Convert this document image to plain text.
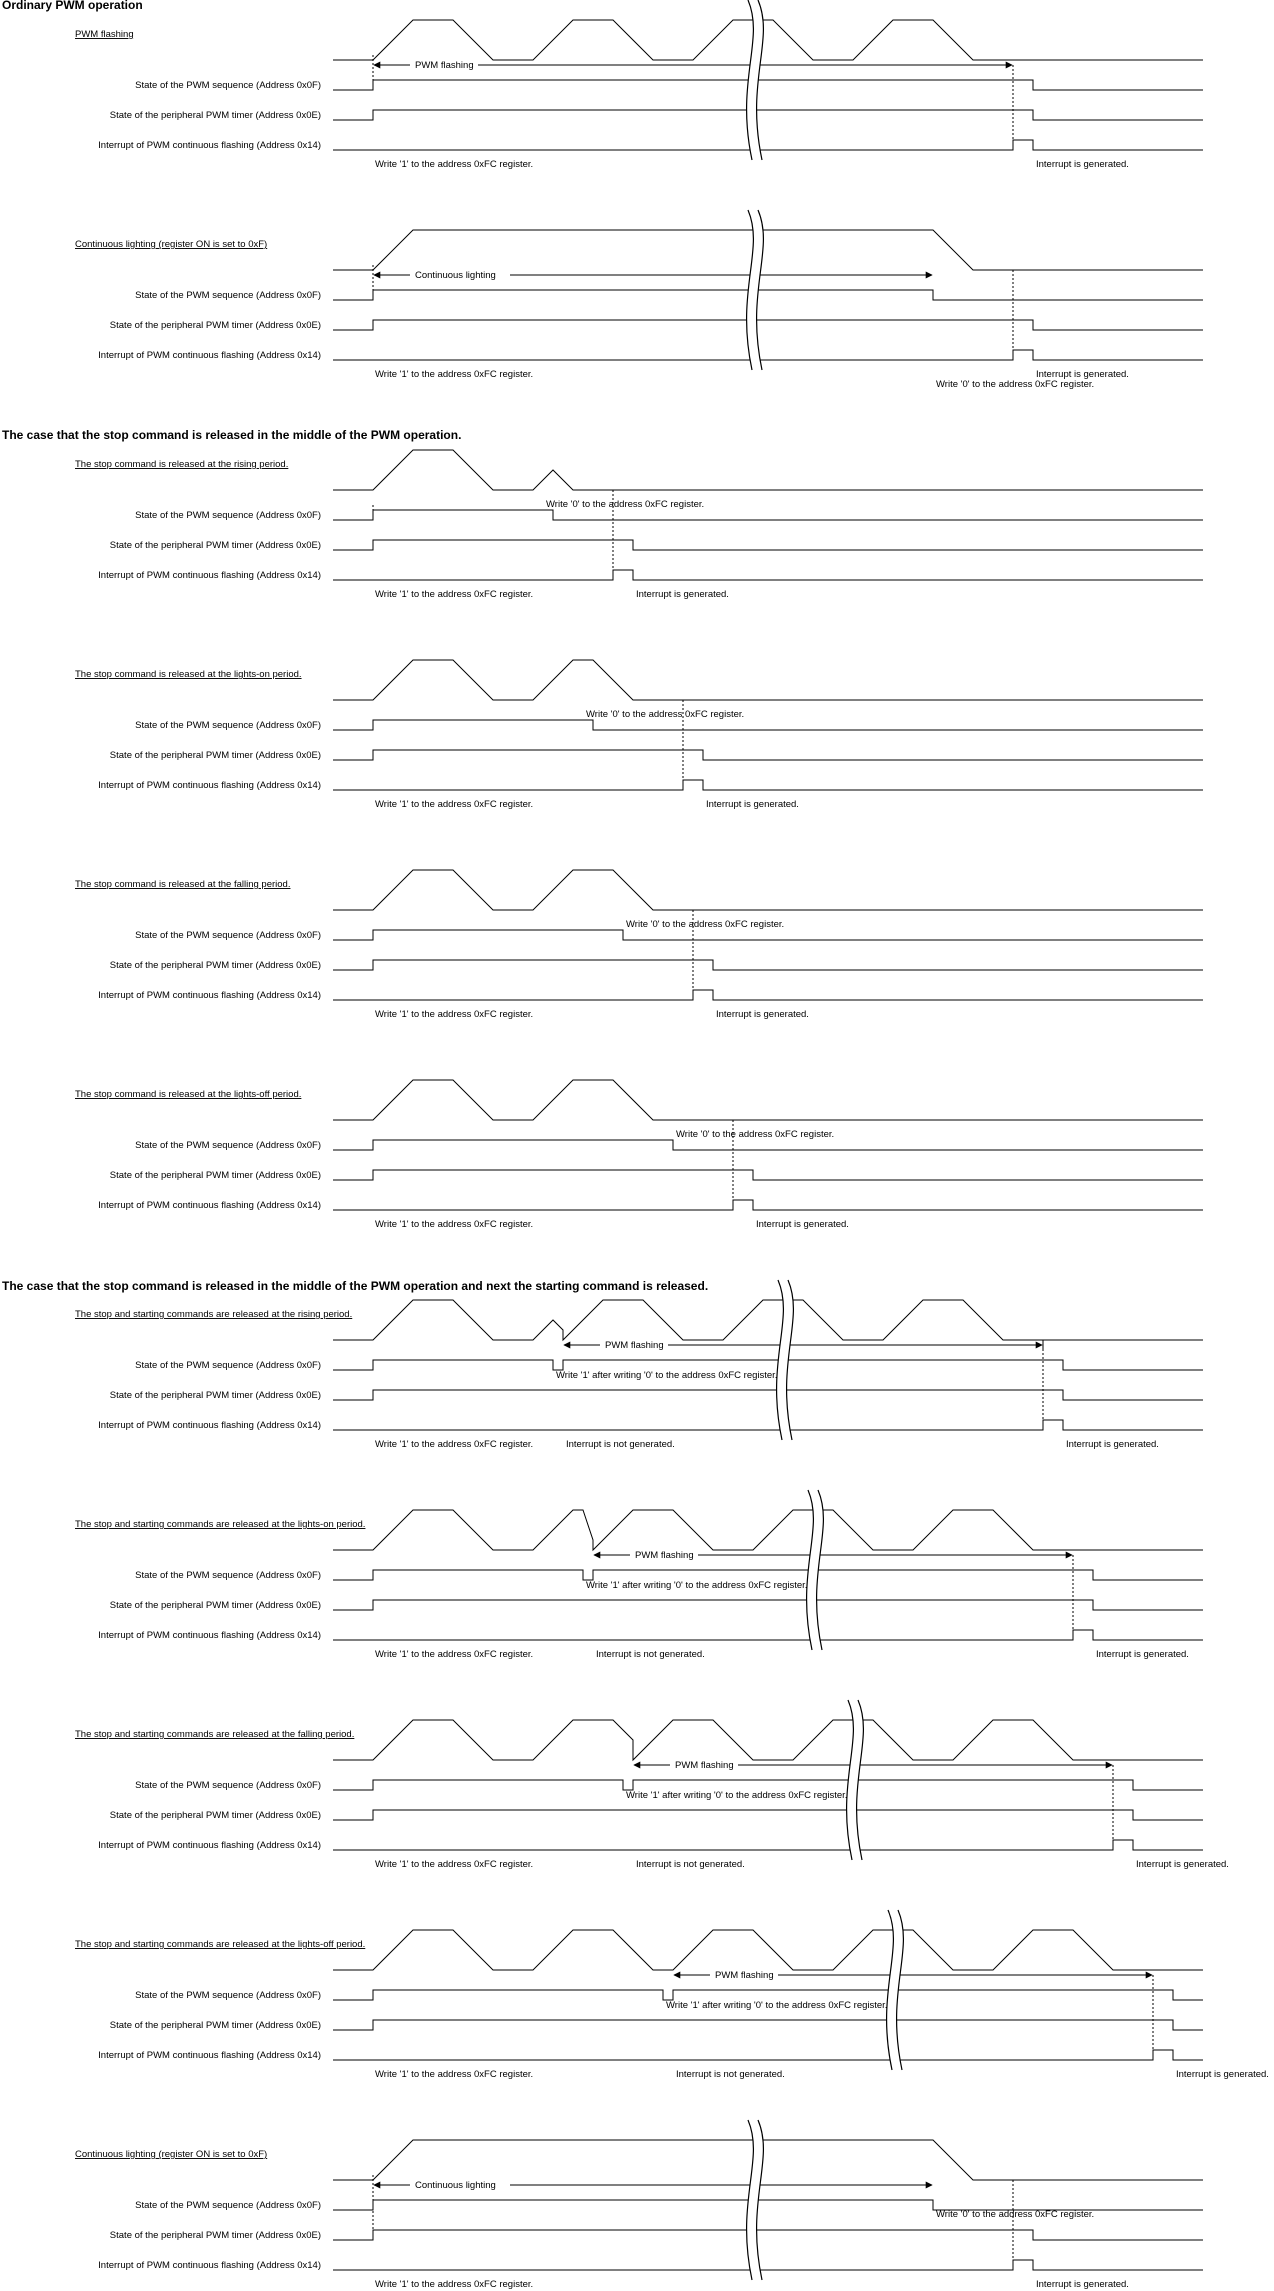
Ordinary PWM operation
The case that the stop command is released in the middle of the PWM operation.
The case that the stop command is released in the middle of the PWM operation and next the starting command is released.
PWM flashing
State of the PWM sequence (Address 0x0F)
State of the peripheral PWM timer (Address 0x0E)
Interrupt of PWM continuous flashing (Address 0x14)
PWM flashing
Write '1' to the address 0xFC register.	Interrupt is generated.
Continuous lighting (register ON is set to 0xF)
State of the PWM sequence (Address 0x0F)
State of the peripheral PWM timer (Address 0x0E)
Interrupt of PWM continuous flashing (Address 0x14)
Continuous lighting
Write '1' to the address 0xFC register.	Interrupt is generated.
Write '0' to the address 0xFC register.
The stop command is released at the rising period.
State of the PWM sequence (Address 0x0F)
State of the peripheral PWM timer (Address 0x0E)
Interrupt of PWM continuous flashing (Address 0x14)
Write '0' to the address 0xFC register.
Write '1' to the address 0xFC register.	Interrupt is generated.
The stop command is released at the lights-on period.
State of the PWM sequence (Address 0x0F)
State of the peripheral PWM timer (Address 0x0E)
Interrupt of PWM continuous flashing (Address 0x14)
Write '0' to the address 0xFC register.
Write '1' to the address 0xFC register.	Interrupt is generated.
The stop command is released at the falling period.
State of the PWM sequence (Address 0x0F)
State of the peripheral PWM timer (Address 0x0E)
Interrupt of PWM continuous flashing (Address 0x14)
Write '0' to the address 0xFC register.
Write '1' to the address 0xFC register.	Interrupt is generated.
The stop command is released at the lights-off period.
State of the PWM sequence (Address 0x0F)
State of the peripheral PWM timer (Address 0x0E)
Interrupt of PWM continuous flashing (Address 0x14)
Write '0' to the address 0xFC register.
Write '1' to the address 0xFC register.	Interrupt is generated.
The stop and starting commands are released at the rising period.
State of the PWM sequence (Address 0x0F)
State of the peripheral PWM timer (Address 0x0E)
Interrupt of PWM continuous flashing (Address 0x14)
PWM flashing
Write '1' after writing '0' to the address 0xFC register.
Write '1' to the address 0xFC register.	Interrupt is not generated.	Interrupt is generated.
The stop and starting commands are released at the lights-on period.
State of the PWM sequence (Address 0x0F)
State of the peripheral PWM timer (Address 0x0E)
Interrupt of PWM continuous flashing (Address 0x14)
PWM flashing
Write '1' after writing '0' to the address 0xFC register.
Write '1' to the address 0xFC register.	Interrupt is not generated.	Interrupt is generated.
The stop and starting commands are released at the falling period.
State of the PWM sequence (Address 0x0F)
State of the peripheral PWM timer (Address 0x0E)
Interrupt of PWM continuous flashing (Address 0x14)
PWM flashing
Write '1' after writing '0' to the address 0xFC register.
Write '1' to the address 0xFC register.	Interrupt is not generated.	Interrupt is generated.
The stop and starting commands are released at the lights-off period.
State of the PWM sequence (Address 0x0F)
State of the peripheral PWM timer (Address 0x0E)
Interrupt of PWM continuous flashing (Address 0x14)
PWM flashing
Write '1' after writing '0' to the address 0xFC register.
Write '1' to the address 0xFC register.	Interrupt is not generated.	Interrupt is generated.
Continuous lighting (register ON is set to 0xF)
State of the PWM sequence (Address 0x0F)
State of the peripheral PWM timer (Address 0x0E)
Interrupt of PWM continuous flashing (Address 0x14)
Continuous lighting
Write '0' to the address 0xFC register.
Write '1' to the address 0xFC register.	Interrupt is generated.
